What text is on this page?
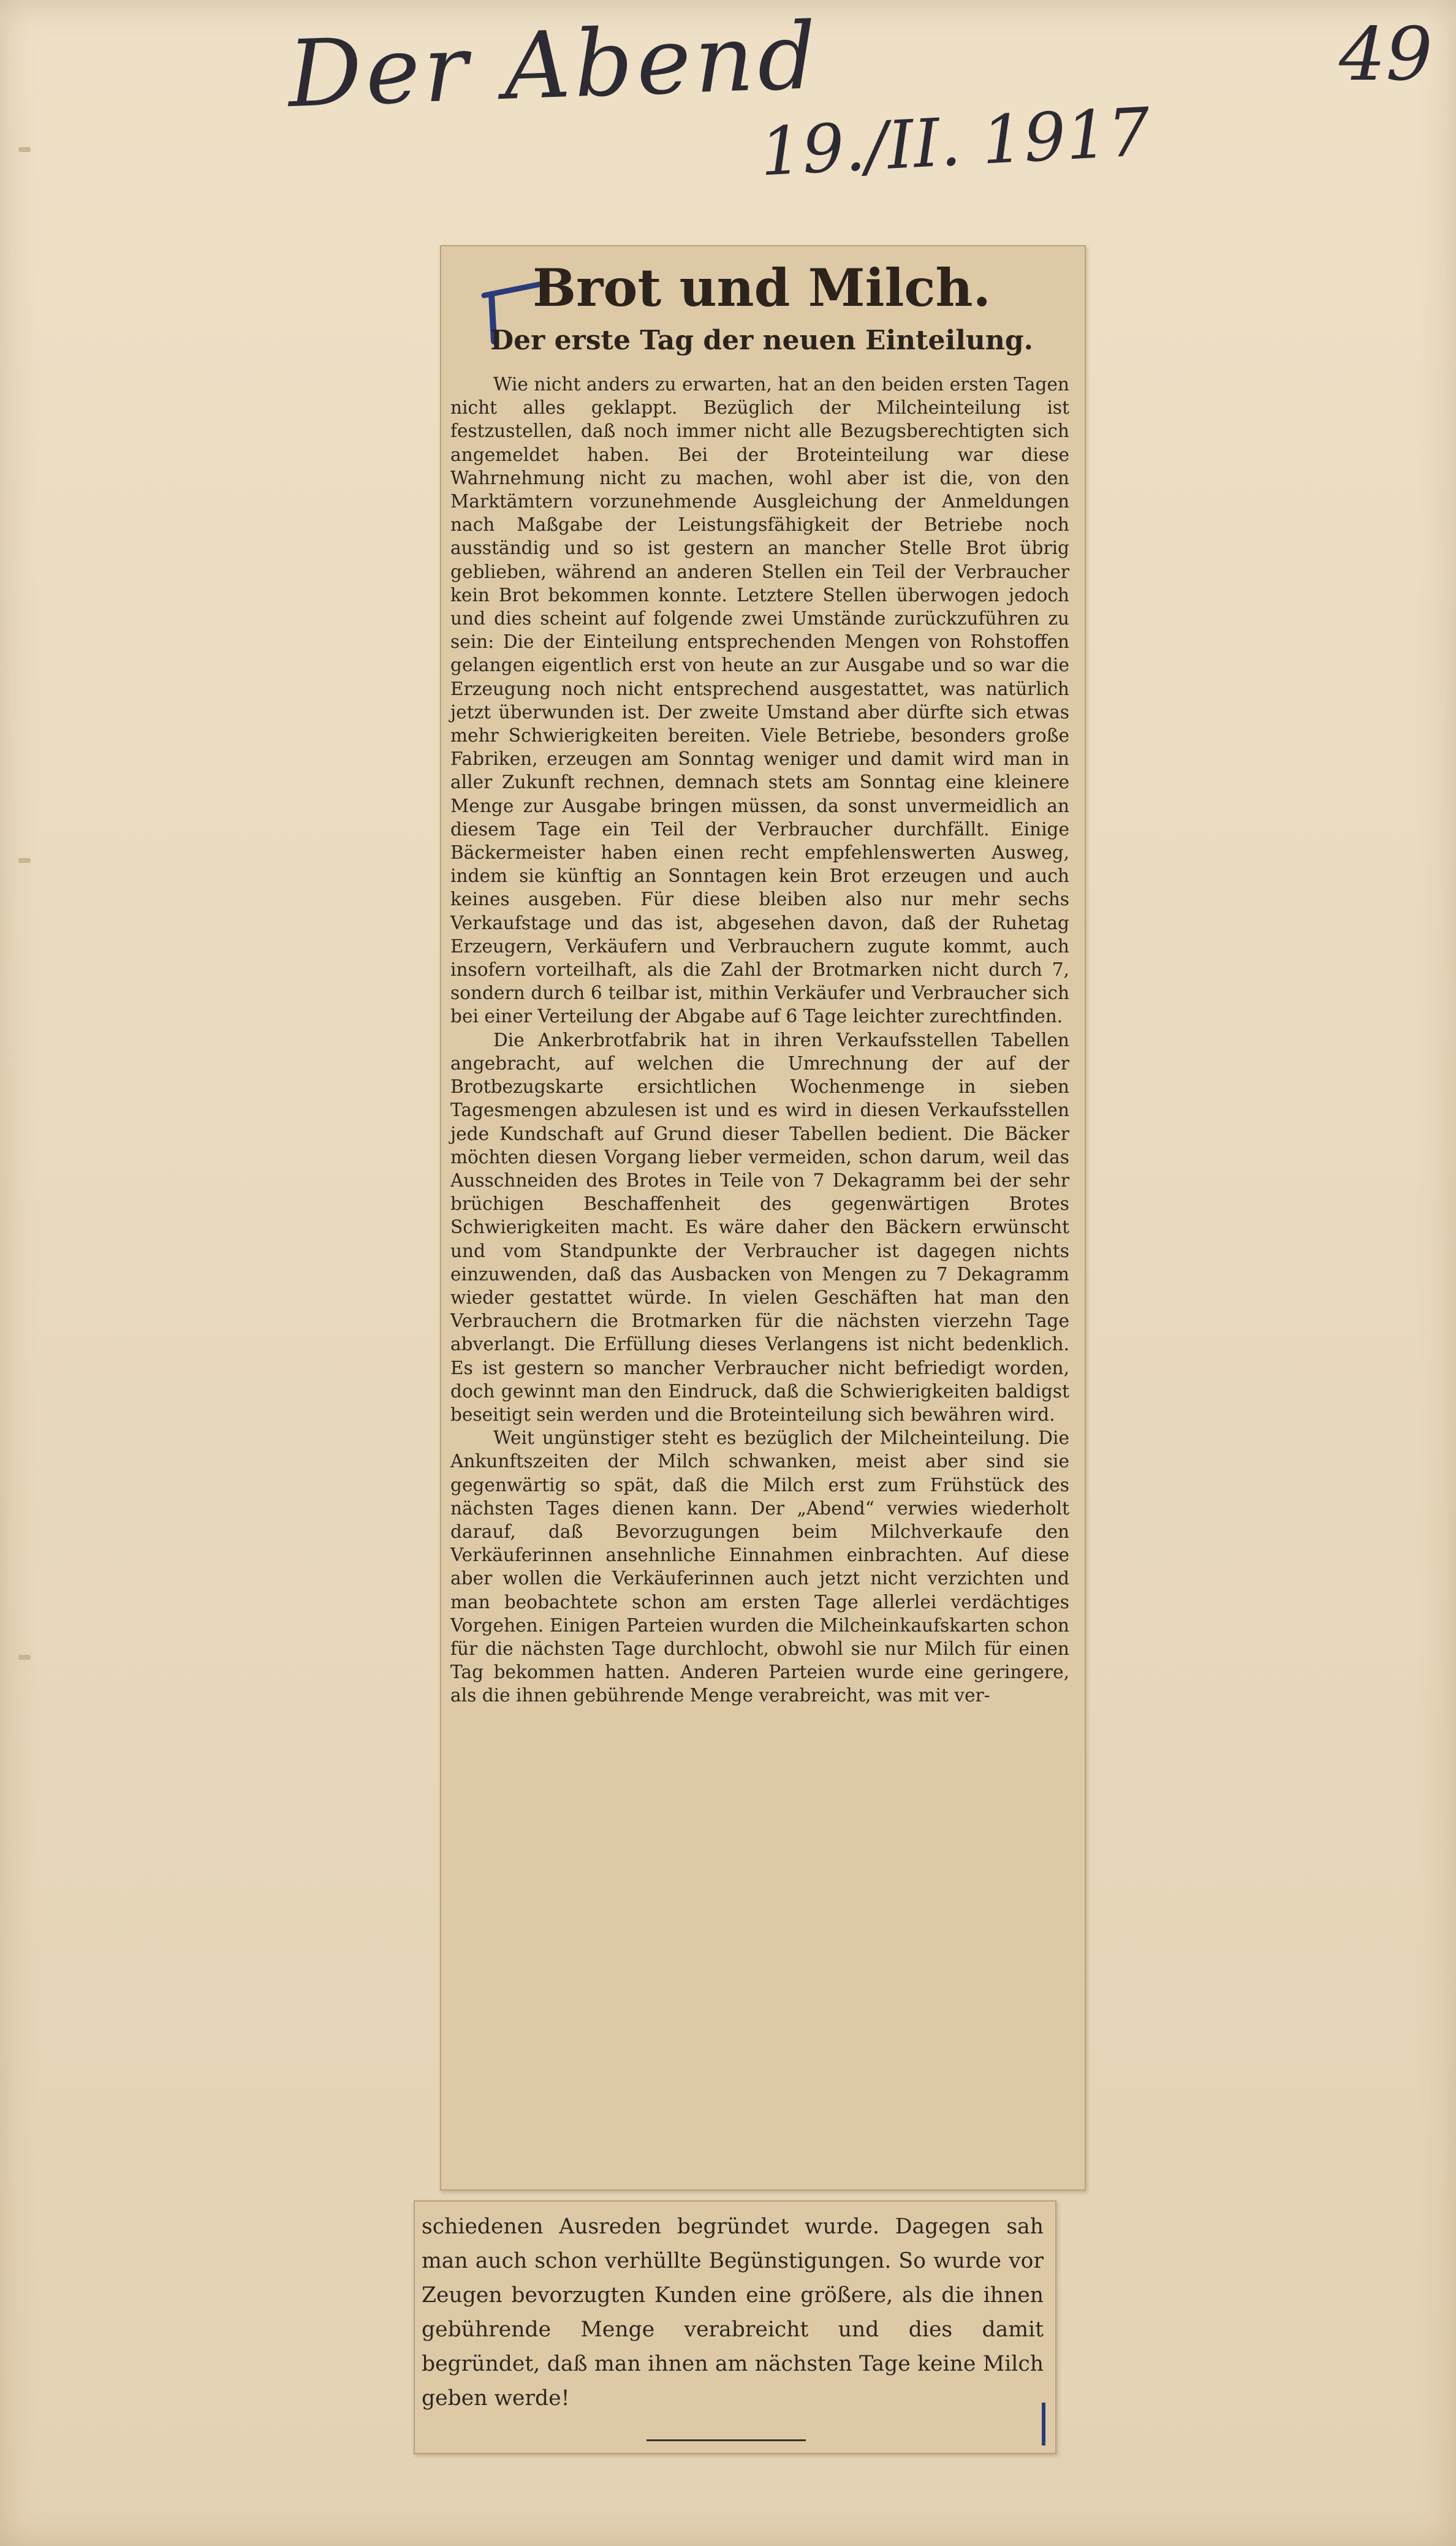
Der Abend
19./II. 1917
49
Brot und Milch.
Der erste Tag der neuen Einteilung.

Wie nicht anders zu erwarten, hat an den beiden ersten Tagen nicht alles geklappt. Bezüglich der Milcheinteilung ist festzustellen, daß noch immer nicht alle Bezugsberechtigten sich angemeldet haben. Bei der Broteinteilung war diese Wahrnehmung nicht zu machen, wohl aber ist die, von den Marktämtern vorzunehmende Ausgleichung der Anmeldungen nach Maßgabe der Leistungsfähigkeit der Betriebe noch ausständig und so ist gestern an mancher Stelle Brot übrig geblieben, während an anderen Stellen ein Teil der Verbraucher kein Brot bekommen konnte. Letztere Stellen überwogen jedoch und dies scheint auf folgende zwei Umstände zurückzuführen zu sein: Die der Einteilung entsprechenden Mengen von Rohstoffen gelangen eigentlich erst von heute an zur Ausgabe und so war die Erzeugung noch nicht entsprechend ausgestattet, was natürlich jetzt überwunden ist. Der zweite Umstand aber dürfte sich etwas mehr Schwierigkeiten bereiten. Viele Betriebe, besonders große Fabriken, erzeugen am Sonntag weniger und damit wird man in aller Zukunft rechnen, demnach stets am Sonntag eine kleinere Menge zur Ausgabe bringen müssen, da sonst unvermeidlich an diesem Tage ein Teil der Verbraucher durchfällt. Einige Bäckermeister haben einen recht empfehlenswerten Ausweg, indem sie künftig an Sonntagen kein Brot erzeugen und auch keines ausgeben. Für diese bleiben also nur mehr sechs Verkaufstage und das ist, abgesehen davon, daß der Ruhetag Erzeugern, Verkäufern und Verbrauchern zugute kommt, auch insofern vorteilhaft, als die Zahl der Brotmarken nicht durch 7, sondern durch 6 teilbar ist, mithin Verkäufer und Verbraucher sich bei einer Verteilung der Abgabe auf 6 Tage leichter zurechtfinden.

Die Ankerbrotfabrik hat in ihren Verkaufsstellen Tabellen angebracht, auf welchen die Umrechnung der auf der Brotbezugskarte ersichtlichen Wochenmenge in sieben Tagesmengen abzulesen ist und es wird in diesen Verkaufsstellen jede Kundschaft auf Grund dieser Tabellen bedient. Die Bäcker möchten diesen Vorgang lieber vermeiden, schon darum, weil das Ausschneiden des Brotes in Teile von 7 Dekagramm bei der sehr brüchigen Beschaffenheit des gegenwärtigen Brotes Schwierigkeiten macht. Es wäre daher den Bäckern erwünscht und vom Standpunkte der Verbraucher ist dagegen nichts einzuwenden, daß das Ausbacken von Mengen zu 7 Dekagramm wieder gestattet würde. In vielen Geschäften hat man den Verbrauchern die Brotmarken für die nächsten vierzehn Tage abverlangt. Die Erfüllung dieses Verlangens ist nicht bedenklich. Es ist gestern so mancher Verbraucher nicht befriedigt worden, doch gewinnt man den Eindruck, daß die Schwierigkeiten baldigst beseitigt sein werden und die Broteinteilung sich bewähren wird.

Weit ungünstiger steht es bezüglich der Milcheinteilung. Die Ankunftszeiten der Milch schwanken, meist aber sind sie gegenwärtig so spät, daß die Milch erst zum Frühstück des nächsten Tages dienen kann. Der „Abend“ verwies wiederholt darauf, daß Bevorzugungen beim Milchverkaufe den Verkäuferinnen ansehnliche Einnahmen einbrachten. Auf diese aber wollen die Verkäuferinnen auch jetzt nicht verzichten und man beobachtete schon am ersten Tage allerlei verdächtiges Vorgehen. Einigen Parteien wurden die Milcheinkaufskarten schon für die nächsten Tage durchlocht, obwohl sie nur Milch für einen Tag bekommen hatten. Anderen Parteien wurde eine geringere, als die ihnen gebührende Menge verabreicht, was mit ver-

schiedenen Ausreden begründet wurde. Dagegen sah man auch schon verhüllte Begünstigungen. So wurde vor Zeugen bevorzugten Kunden eine größere, als die ihnen gebührende Menge verabreicht und dies damit begründet, daß man ihnen am nächsten Tage keine Milch geben werde!
